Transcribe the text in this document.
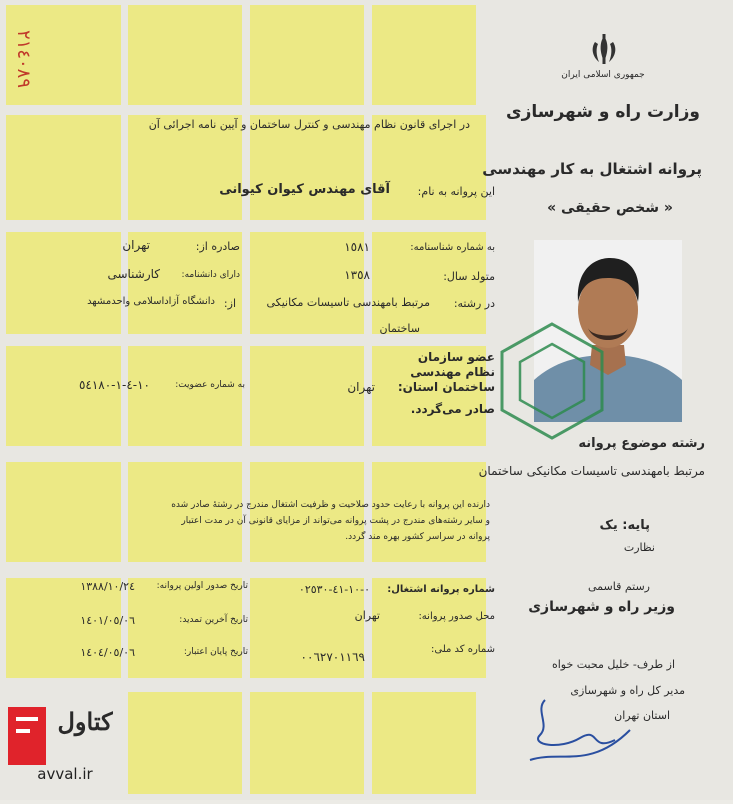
٢١٤٠٨٩	جمهوری اسلامی ایران
وزارت راه و شهرسازی
در اجرای قانون نظام مهندسی و کنترل ساختمان و آیین نامه اجرائی آن
پروانه اشتغال به کار مهندسی
« شخص حقیقی »
این پروانه به نام:
آقای مهندس کیوان کیوانی
به شماره شناسنامه:
١٥٨١
صادره از:
تهران
متولد سال:
١٣٥٨
دارای دانشنامه:
کارشناسی
در رشته:
مرتبط بامهندسی تاسیسات مکانیکی
ساختمان
از:
دانشگاه آزاداسلامی واحدمشهد
عضو سازمان
نظام مهندسی
ساختمان استان:
تهران
به شماره عضویت:
١٠-٤-١-٥٤١٨٠
صادر می‌گردد.
رشته موضوع پروانه
مرتبط بامهندسی تاسیسات مکانیکی ساختمان
دارنده این پروانه با رعایت حدود صلاحیت و ظرفیت اشتغال مندرج در رشتهٔ صادر شده
و سایر رشته‌های مندرج در پشت پروانه می‌تواند از مزایای قانونی آن در مدت اعتبار
پروانه در سراسر کشور بهره مند گردد.
پایه: یک
نظارت
شماره پروانه اشتغال:
٠-١٠-٤١-٠٢٥٣٠
محل صدور پروانه:
تهران
شماره کد ملی:
٠٠٦٢٧٠١١٦٩
تاریخ صدور اولین پروانه:
١٣٨٨/١٠/٢٤
تاریخ آخرین تمدید:
١٤٠١/٠٥/٠٦
تاریخ پایان اعتبار:
١٤٠٤/٠٥/٠٦
رستم قاسمی
وزیر راه و شهرسازی
از طرف- خلیل محبت خواه
مدیر کل راه و شهرسازی
استان تهران
کتاول
avval.ir
